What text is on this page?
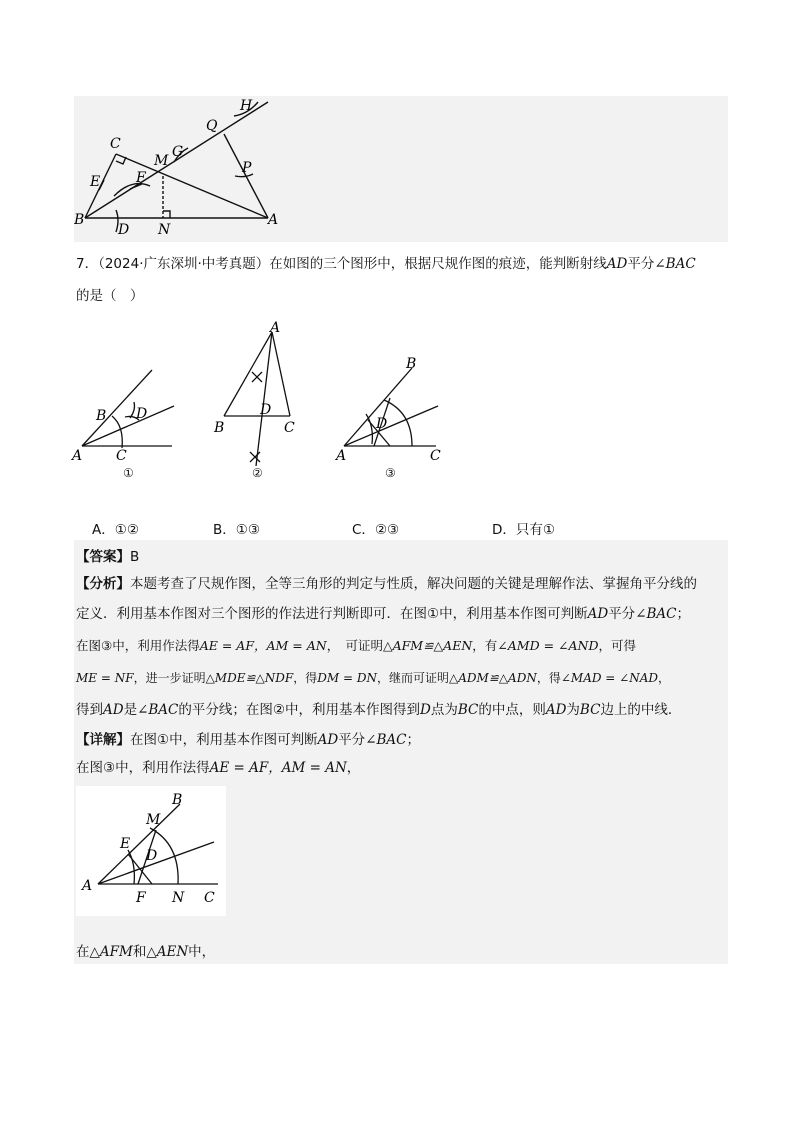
H
Q
C
M
G
P
E	F
B
D N
A
7．（2024·广东深圳·中考真题）在如图的三个图形中，根据尺规作图的痕迹，能判断射线AD平分∠BAC
的是（　）
B D
A C
①
A
D
B	C
②
B
D
A	C
③
A．①②	B．①③	C．②③	D．只有①
【答案】B
【分析】本题考查了尺规作图，全等三角形的判定与性质，解决问题的关键是理解作法、掌握角平分线的
定义．利用基本作图对三个图形的作法进行判断即可．在图①中，利用基本作图可判断AD平分∠BAC；
在图③中，利用作法得AE = AF，AM = AN，　可证明△AFM≌△AEN，有∠AMD = ∠AND，可得
ME = NF，进一步证明△MDE≌△NDF，得DM = DN，继而可证明△ADM≌△ADN，得∠MAD = ∠NAD，
得到AD是∠BAC的平分线；在图②中，利用基本作图得到D点为BC的中点，则AD为BC边上的中线．
【详解】在图①中，利用基本作图可判断AD平分∠BAC；
在图③中，利用作法得AE = AF，AM = AN，
B
M
E
D
A
F N C
在△AFM和△AEN中，
